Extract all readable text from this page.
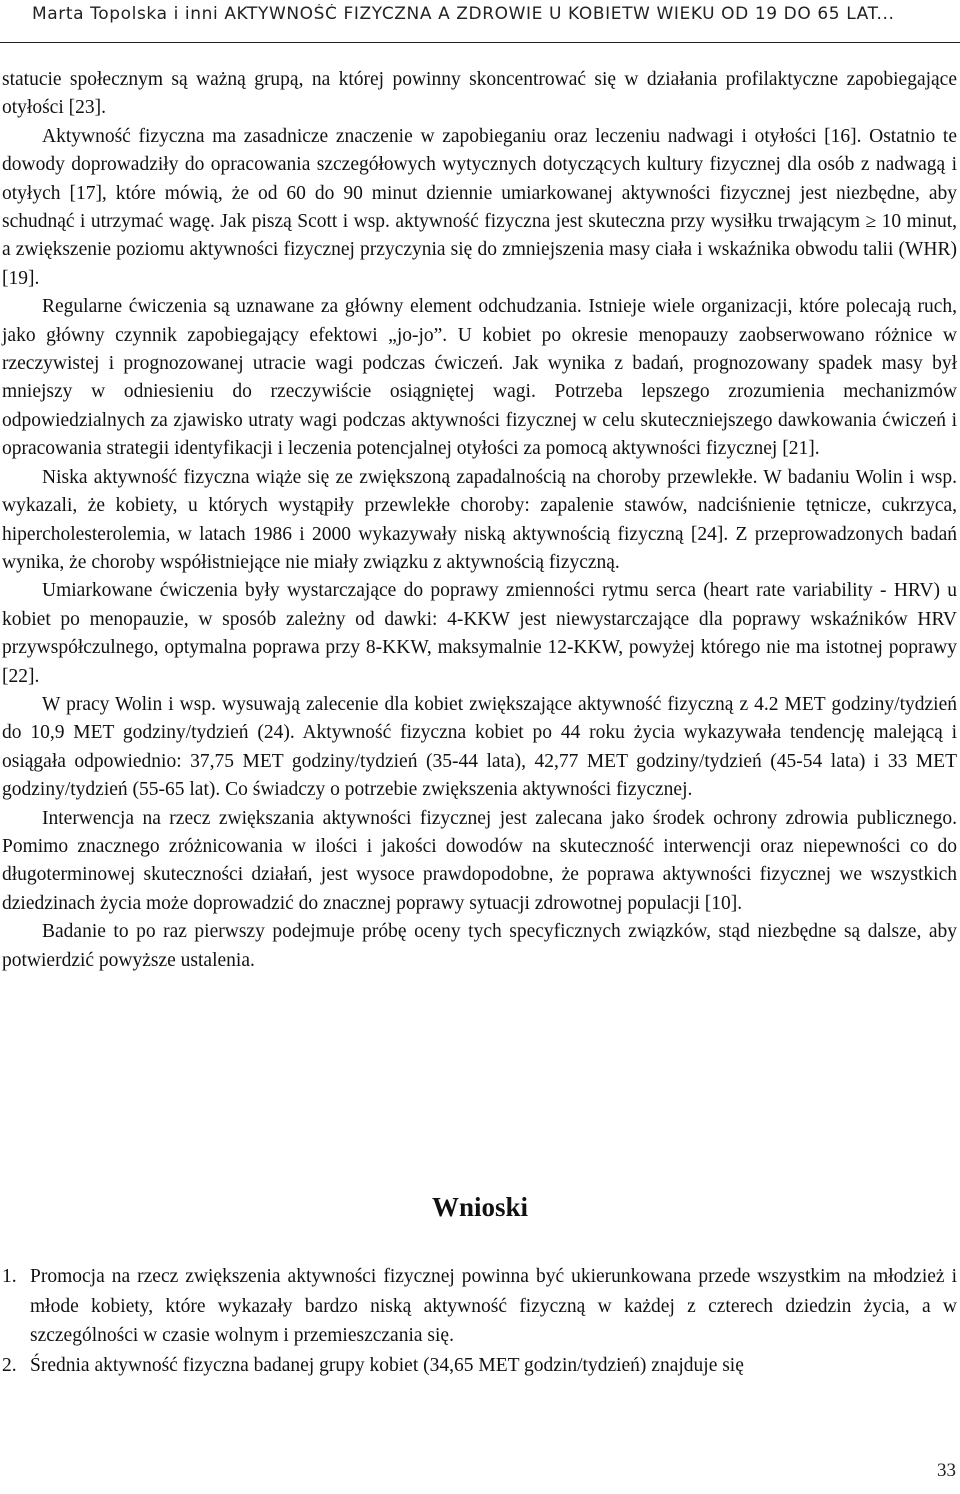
Marta Topolska i inni AKTYWNOŚĆ FIZYCZNA A ZDROWIE U KOBIETW WIEKU OD 19 DO 65 LAT...

statucie społecznym są ważną grupą, na której powinny skoncentrować się w działania profilaktyczne zapobiegające otyłości [23].

Aktywność fizyczna ma zasadnicze znaczenie w zapobieganiu oraz leczeniu nadwagi i otyłości [16]. Ostatnio te dowody doprowadziły do opracowania szczegółowych wytycznych dotyczących kultury fizycznej dla osób z nadwagą i otyłych [17], które mówią, że od 60 do 90 minut dziennie umiarkowanej aktywności fizycznej jest niezbędne, aby schudnąć i utrzymać wagę. Jak piszą Scott i wsp. aktywność fizyczna jest skuteczna przy wysiłku trwającym ≥ 10 minut, a zwiększenie poziomu aktywności fizycznej przyczynia się do zmniejszenia masy ciała i wskaźnika obwodu talii (WHR) [19].

Regularne ćwiczenia są uznawane za główny element odchudzania. Istnieje wiele organizacji, które polecają ruch, jako główny czynnik zapobiegający efektowi „jo-jo”. U kobiet po okresie menopauzy zaobserwowano różnice w rzeczywistej i prognozowanej utracie wagi podczas ćwiczeń. Jak wynika z badań, prognozowany spadek masy był mniejszy w odniesieniu do rzeczywiście osiągniętej wagi. Potrzeba lepszego zrozumienia mechanizmów odpowiedzialnych za zjawisko utraty wagi podczas aktywności fizycznej w celu skuteczniejszego dawkowania ćwiczeń i opracowania strategii identyfikacji i leczenia potencjalnej otyłości za pomocą aktywności fizycznej [21].

Niska aktywność fizyczna wiąże się ze zwiększoną zapadalnością na choroby przewlekłe. W badaniu Wolin i wsp. wykazali, że kobiety, u których wystąpiły przewlekłe choroby: zapalenie stawów, nadciśnienie tętnicze, cukrzyca, hipercholesterolemia, w latach 1986 i 2000 wykazywały niską aktywnością fizyczną [24]. Z przeprowadzonych badań wynika, że choroby współistniejące nie miały związku z aktywnością fizyczną.

Umiarkowane ćwiczenia były wystarczające do poprawy zmienności rytmu serca (heart rate variability - HRV) u kobiet po menopauzie, w sposób zależny od dawki: 4-KKW jest niewystarczające dla poprawy wskaźników HRV przywspółczulnego, optymalna poprawa przy 8-KKW, maksymalnie 12-KKW, powyżej którego nie ma istotnej poprawy [22].

W pracy Wolin i wsp. wysuwają zalecenie dla kobiet zwiększające aktywność fizyczną z 4.2 MET godziny/tydzień do 10,9 MET godziny/tydzień (24). Aktywność fizyczna kobiet po 44 roku życia wykazywała tendencję malejącą i osiągała odpowiednio: 37,75 MET godziny/tydzień (35-44 lata), 42,77 MET godziny/tydzień (45-54 lata) i 33 MET godziny/tydzień (55-65 lat). Co świadczy o potrzebie zwiększenia aktywności fizycznej.

Interwencja na rzecz zwiększania aktywności fizycznej jest zalecana jako środek ochrony zdrowia publicznego. Pomimo znacznego zróżnicowania w ilości i jakości dowodów na skuteczność interwencji oraz niepewności co do długoterminowej skuteczności działań, jest wysoce prawdopodobne, że poprawa aktywności fizycznej we wszystkich dziedzinach życia może doprowadzić do znacznej poprawy sytuacji zdrowotnej populacji [10].

Badanie to po raz pierwszy podejmuje próbę oceny tych specyficznych związków, stąd niezbędne są dalsze, aby potwierdzić powyższe ustalenia.

Wnioski
1. Promocja na rzecz zwiększenia aktywności fizycznej powinna być ukierunkowana przede wszystkim na młodzież i młode kobiety, które wykazały bardzo niską aktywność fizyczną w każdej z czterech dziedzin życia, a w szczególności w czasie wolnym i przemieszczania się.
2. Średnia aktywność fizyczna badanej grupy kobiet (34,65 MET godzin/tydzień) znajduje się
33
